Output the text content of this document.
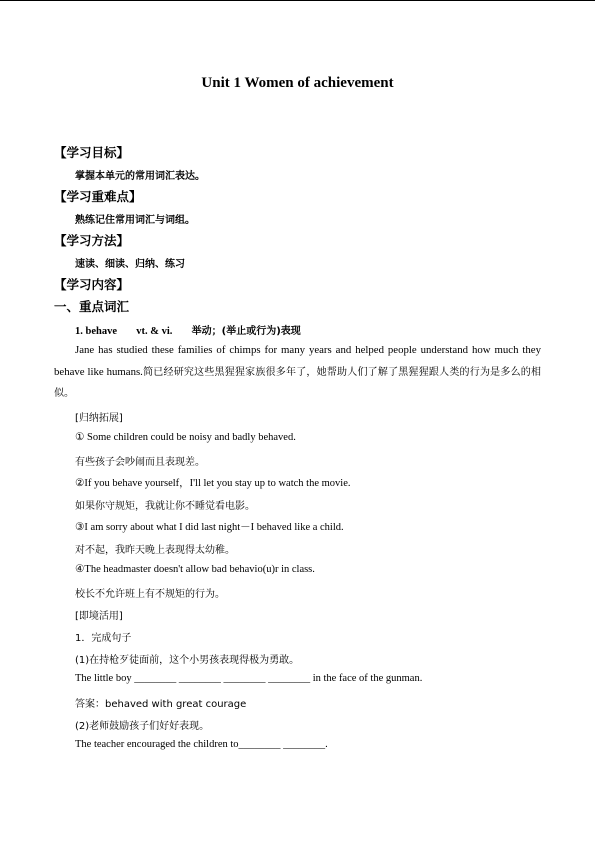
Unit 1 Women of achievement
【学习目标】
掌握本单元的常用词汇表达。
【学习重难点】
熟练记住常用词汇与词组。
【学习方法】
速读、细读、归纳、练习
【学习内容】
一、重点词汇
1. behave vt. & vi. 举动；(举止或行为)表现
Jane has studied these families of chimps for many years and helped people understand how much they behave like humans.简已经研究这些黑猩猩家族很多年了，她帮助人们了解了黑猩猩跟人类的行为是多么的相似。
[归纳拓展]
① Some children could be noisy and badly behaved.
有些孩子会吵闹而且表现差。
②If you behave yourself，I'll let you stay up to watch the movie.
如果你守规矩，我就让你不睡觉看电影。
③I am sorry about what I did last night－I behaved like a child.
对不起，我昨天晚上表现得太幼稚。
④The headmaster doesn't allow bad behavio(u)r in class.
校长不允许班上有不规矩的行为。
[即境活用]
1．完成句子
(1)在持枪歹徒面前，这个小男孩表现得极为勇敢。
The little boy ________ ________ ________ ________ in the face of the gunman.
答案：behaved with great courage
(2)老师鼓励孩子们好好表现。
The teacher encouraged the children to________ ________.
